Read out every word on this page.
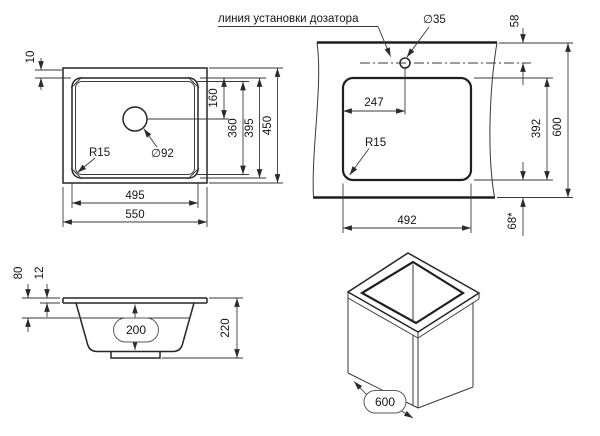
10
160
360 395 450
495
550
R15	∅92
линия установки дозатора	∅35
247
R15
492
58
392 600
68*
80 12
200	220
600
